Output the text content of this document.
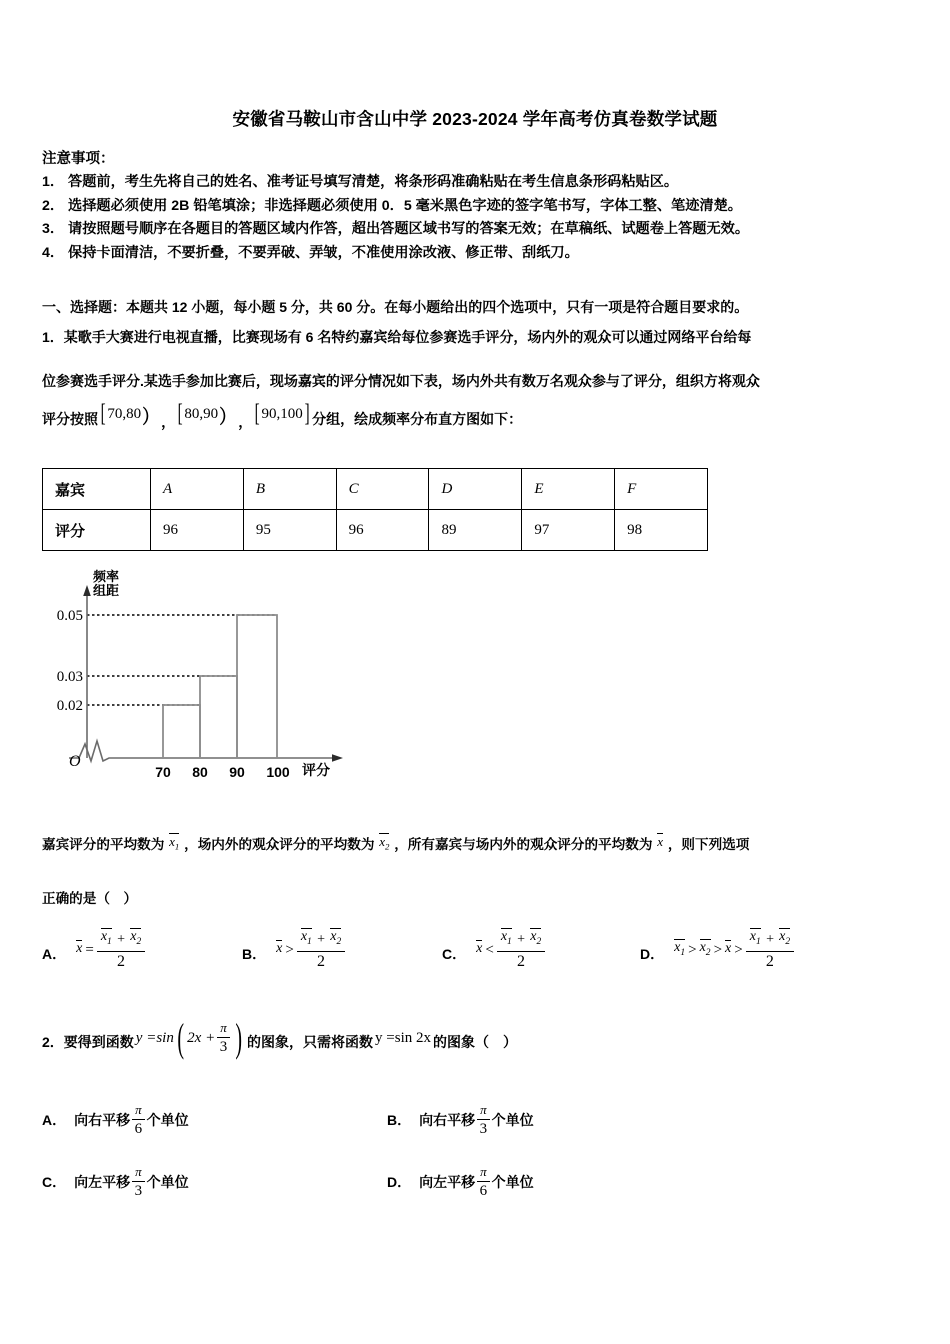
安徽省马鞍山市含山中学 2023-2024 学年高考仿真卷数学试题
注意事项：
1． 答题前，考生先将自己的姓名、准考证号填写清楚，将条形码准确粘贴在考生信息条形码粘贴区。
2． 选择题必须使用 2B 铅笔填涂；非选择题必须使用 0．5 毫米黑色字迹的签字笔书写，字体工整、笔迹清楚。
3． 请按照题号顺序在各题目的答题区域内作答，超出答题区域书写的答案无效；在草稿纸、试题卷上答题无效。
4． 保持卡面清洁，不要折叠，不要弄破、弄皱，不准使用涂改液、修正带、刮纸刀。
一、选择题：本题共 12 小题，每小题 5 分，共 60 分。在每小题给出的四个选项中，只有一项是符合题目要求的。
1．某歌手大赛进行电视直播，比赛现场有 6 名特约嘉宾给每位参赛选手评分，场内外的观众可以通过网络平台给每
位参赛选手评分.某选手参加比赛后，现场嘉宾的评分情况如下表，场内外共有数万名观众参与了评分，组织方将观众
评分按照 [ 70,80 ） ， [ 80,90 ） ， [ 90,100 ] 分组，绘成频率分布直方图如下：
嘉宾	A	B	C	D	E	F
评分	96	95	96	89	97	98
0.05
0.03
0.02
70 80 90 100
O
频率
组距
评分
嘉宾评分的平均数为 $x_1$ ，场内外的观众评分的平均数为 $x_2$ ，所有嘉宾与场内外的观众评分的平均数为 x ，则下列选项
正确的是（　）
A． $x = \frac{x_1 + x_2}{2}$	B． $x > \frac{x_1 + x_2}{2}$	C． $x < \frac{x_1 + x_2}{2}$	D． $x_1 > x_2 > x > \frac{x_1 + x_2}{2}$
2．要得到函数 y =sin ( $2x + \frac{\pi}{3}$ ) 的图象，只需将函数 y =sin 2x 的图象（　）
A． 向右平移 $\frac{\pi}{6}$ 个单位	B． 向右平移 $\frac{\pi}{3}$ 个单位
C． 向左平移 $\frac{\pi}{3}$ 个单位	D． 向左平移 $\frac{\pi}{6}$ 个单位
